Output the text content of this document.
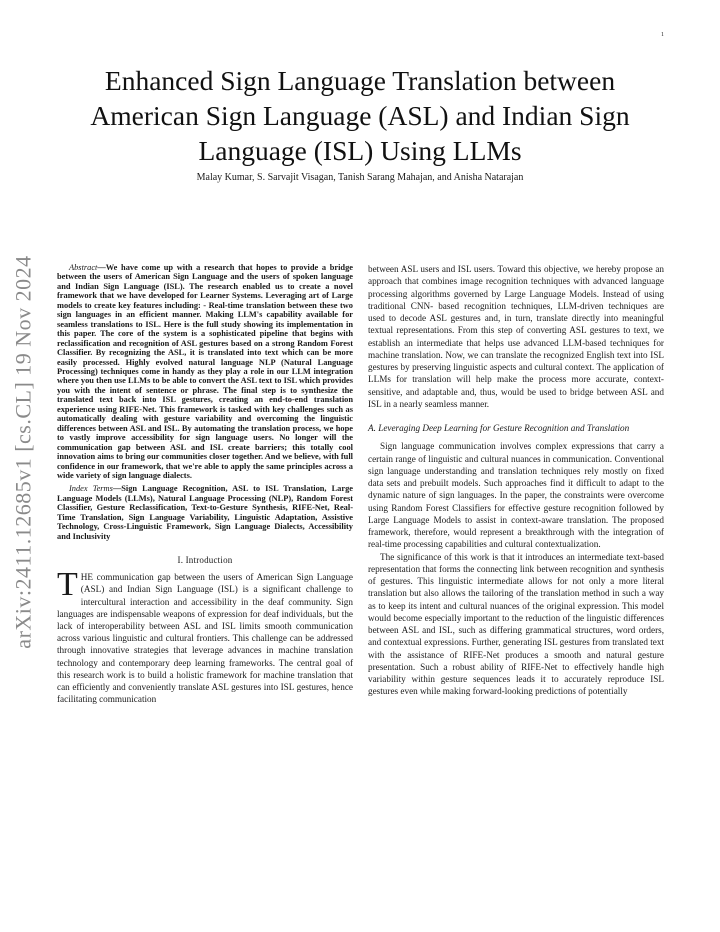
1
arXiv:2411.12685v1 [cs.CL] 19 Nov 2024
Enhanced Sign Language Translation between American Sign Language (ASL) and Indian Sign Language (ISL) Using LLMs
Malay Kumar, S. Sarvajit Visagan, Tanish Sarang Mahajan, and Anisha Natarajan

Abstract—We have come up with a research that hopes to provide a bridge between the users of American Sign Language and the users of spoken language and Indian Sign Language (ISL). The research enabled us to create a novel framework that we have developed for Learner Systems. Leveraging art of Large models to create key features including: - Real-time translation between these two sign languages in an efficient manner. Making LLM's capability available for seamless translations to ISL. Here is the full study showing its implementation in this paper. The core of the system is a sophisticated pipeline that begins with reclassification and recognition of ASL gestures based on a strong Random Forest Classifier. By recognizing the ASL, it is translated into text which can be more easily processed. Highly evolved natural language NLP (Natural Language Processing) techniques come in handy as they play a role in our LLM integration where you then use LLMs to be able to convert the ASL text to ISL which provides you with the intent of sentence or phrase. The final step is to synthesize the translated text back into ISL gestures, creating an end-to-end translation experience using RIFE-Net. This framework is tasked with key challenges such as automatically dealing with gesture variability and overcoming the linguistic differences between ASL and ISL. By automating the translation process, we hope to vastly improve accessibility for sign language users. No longer will the communication gap between ASL and ISL create barriers; this totally cool innovation aims to bring our communities closer together. And we believe, with full confidence in our framework, that we're able to apply the same principles across a wide variety of sign language dialects.

Index Terms—Sign Language Recognition, ASL to ISL Translation, Large Language Models (LLMs), Natural Language Processing (NLP), Random Forest Classifier, Gesture Reclassification, Text-to-Gesture Synthesis, RIFE-Net, Real-Time Translation, Sign Language Variability, Linguistic Adaptation, Assistive Technology, Cross-Linguistic Framework, Sign Language Dialects, Accessibility and Inclusivity

I. Introduction

THE communication gap between the users of American Sign Language (ASL) and Indian Sign Language (ISL) is a significant challenge to intercultural interaction and accessibility in the deaf community. Sign languages are indispensable weapons of expression for deaf individuals, but the lack of interoperability between ASL and ISL limits smooth communication across various linguistic and cultural frontiers. This challenge can be addressed through innovative strategies that leverage advances in machine translation technology and contemporary deep learning frameworks. The central goal of this research work is to build a holistic framework for machine translation that can efficiently and conveniently translate ASL gestures into ISL gestures, hence facilitating communication

between ASL users and ISL users. Toward this objective, we hereby propose an approach that combines image recognition techniques with advanced language processing algorithms governed by Large Language Models. Instead of using traditional CNN- based recognition techniques, LLM-driven techniques are used to decode ASL gestures and, in turn, translate directly into meaningful textual representations. From this step of converting ASL gestures to text, we establish an intermediate that helps use advanced LLM-based techniques for machine translation. Now, we can translate the recognized English text into ISL gestures by preserving linguistic aspects and cultural context. The application of LLMs for translation will help make the process more accurate, context-sensitive, and adaptable and, thus, would be used to bridge between ASL and ISL in a nearly seamless manner.

A. Leveraging Deep Learning for Gesture Recognition and Translation

Sign language communication involves complex expressions that carry a certain range of linguistic and cultural nuances in communication. Conventional sign language understanding and translation techniques rely mostly on fixed data sets and prebuilt models. Such approaches find it difficult to adapt to the dynamic nature of sign languages. In the paper, the constraints were overcome using Random Forest Classifiers for effective gesture recognition followed by Large Language Models to assist in context-aware translation. The proposed framework, therefore, would represent a breakthrough with the integration of real-time processing capabilities and cultural contextualization.

The significance of this work is that it introduces an intermediate text-based representation that forms the connecting link between recognition and synthesis of gestures. This linguistic intermediate allows for not only a more literal translation but also allows the tailoring of the translation method in such a way as to keep its intent and cultural nuances of the original expression. This model would become especially important to the reduction of the linguistic differences between ASL and ISL, such as differing grammatical structures, word orders, and contextual expressions. Further, generating ISL gestures from translated text with the assistance of RIFE-Net produces a smooth and natural gesture presentation. Such a robust ability of RIFE-Net to effectively handle high variability within gesture sequences leads it to accurately reproduce ISL gestures even while making forward-looking predictions of potentially
